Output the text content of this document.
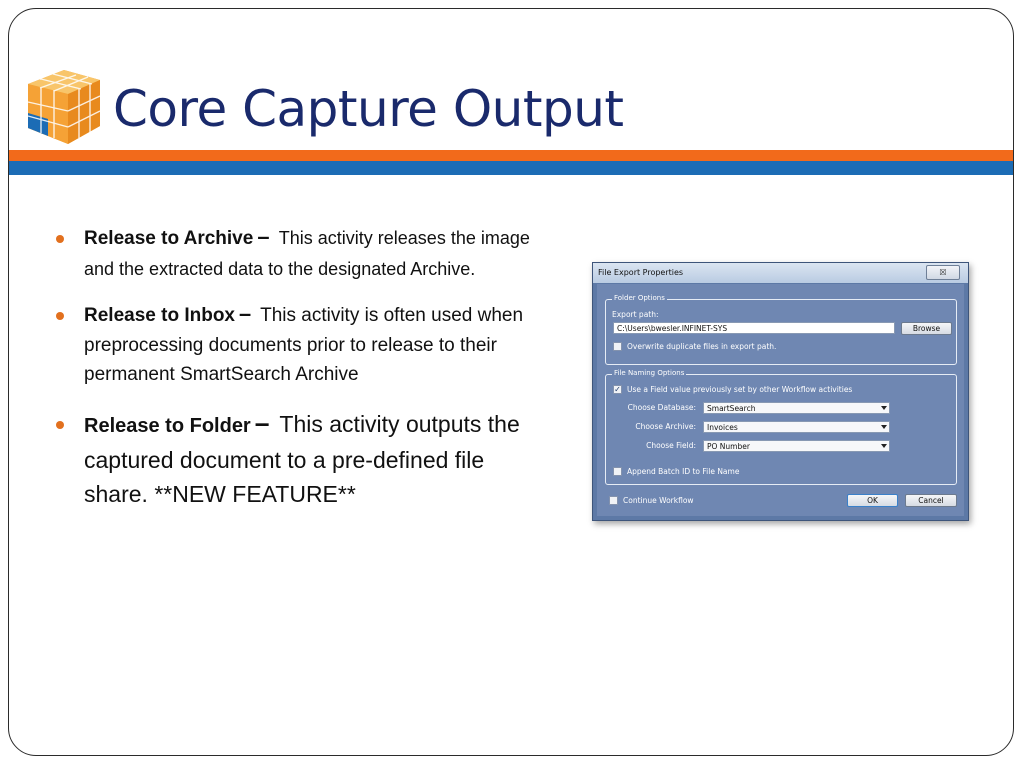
Core Capture Output
Release to Archive – This activity releases the image and the extracted data to the designated Archive.
Release to Inbox – This activity is often used when preprocessing documents prior to release to their permanent SmartSearch Archive
Release to Folder – This activity outputs the captured document to a pre-defined file share. **NEW FEATURE**
File Export Properties	☒
Folder Options
Export path:
C:\Users\bwesler.INFINET-SYS	Browse
Overwrite duplicate files in export path.
File Naming Options
✓ Use a Field value previously set by other Workflow activities
Choose Database:	SmartSearch
Choose Archive:	Invoices
Choose Field:	PO Number
Append Batch ID to File Name
Continue Workflow	OK	Cancel
